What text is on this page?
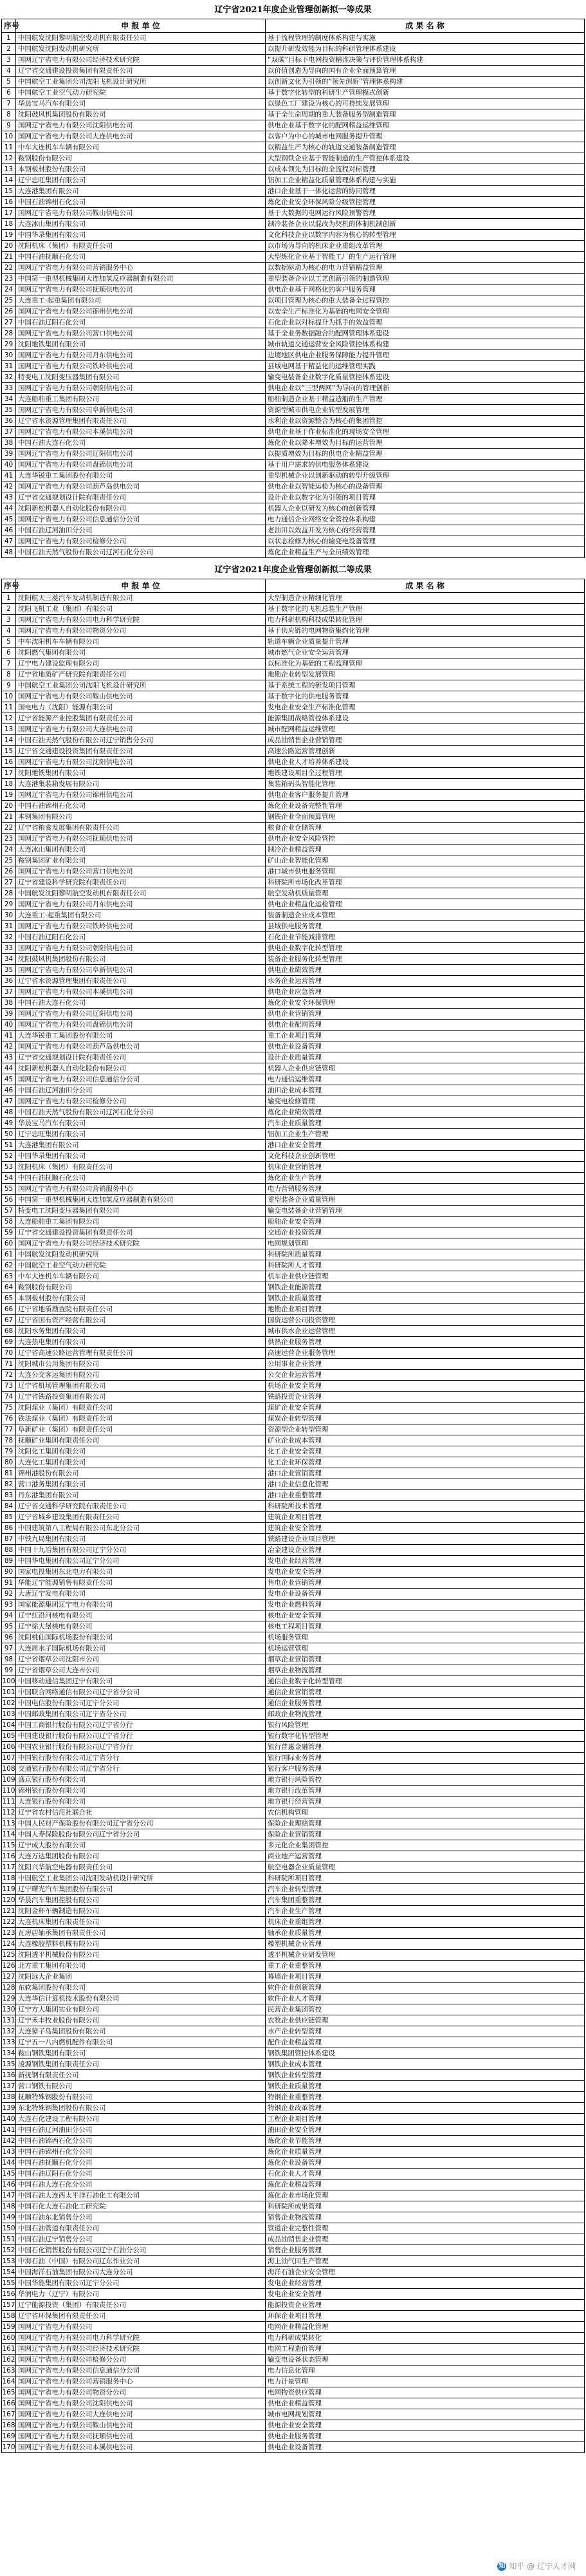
辽宁省2021年度企业管理创新拟一等成果
序号	申 报 单 位	成 果 名 称
1	中国航发沈阳黎明航空发动机有限责任公司	基于流程管理的制度体系构建与实施
2	中国航发沈阳发动机研究所	以提升研发效能为目标的科研管理体系建设
3	国网辽宁省电力有限公司经济技术研究院	“双碳”目标下电网投资精准决策与评价管理体系构建
4	辽宁省交通建设投资集团有限责任公司	以价值创造为导向的国有企业全面预算管理
5	中国航空工业集团公司沈阳飞机设计研究所	以创新文化为引领的“领先创新”管理体系构建
6	中国航空工业空气动力研究院	基于数字化转型的科研生产管理模式创新
7	华晨宝马汽车有限公司	以绿色工厂建设为核心的可持续发展管理
8	沈阳鼓风机集团股份有限公司	基于全生命周期的重大装备服务型制造管理
9	国网辽宁省电力有限公司沈阳供电公司	供电企业基于数字化的配网精益运维管理
10	国网辽宁省电力有限公司大连供电公司	以客户为中心的城市电网服务提升管理
11	中车大连机车车辆有限公司	以精益生产为核心的轨道交通装备制造管理
12	鞍钢股份有限公司	大型钢铁企业基于智能制造的生产管控体系建设
13	本钢板材股份有限公司	以成本领先为目标的全流程对标管理
14	辽宁忠旺集团有限公司	铝加工企业精益化质量管理体系构建与实施
15	大连港集团有限公司	港口企业基于一体化运营的协同管理
16	中国石油锦州石化公司	炼化企业安全环保风险分级管控管理
17	国网辽宁省电力有限公司鞍山供电公司	基于大数据的电网运行风险预警管理
18	大连冰山集团有限公司	制冷装备企业以混改为契机的体制机制创新
19	中国华录集团有限公司	文化科技企业以数字内容为核心的转型管理
20	沈阳机床（集团）有限责任公司	以市场为导向的机床企业重组改革管理
21	中国石油抚顺石化公司	大型炼化企业基于智能工厂的生产运行管理
22	国网辽宁省电力有限公司营销服务中心	以数据驱动为核心的电力营销精益管理
23	中国第一重型机械集团大连加氢反应器制造有限公司	重型装备企业以工艺创新引领的制造管理
24	国网辽宁省电力有限公司抚顺供电公司	供电企业基于网格化的客户服务管理
25	大连重工·起重集团有限公司	以项目管理为核心的重大装备全过程管控
26	国网辽宁省电力有限公司锦州供电公司	以安全生产标准化为基础的电网安全管理
27	中国石油辽阳石化公司	石化企业以对标提升为抓手的效益管理
28	国网辽宁省电力有限公司营口供电公司	基于全业务数据融合的配网管理体系建设
29	沈阳地铁集团有限公司	城市轨道交通运营安全风险管控体系构建
30	国网辽宁省电力有限公司丹东供电公司	边境地区供电企业服务保障能力提升管理
31	国网辽宁省电力有限公司铁岭供电公司	县域电网基于精益化的运维管理实践
32	特变电工沈阳变压器集团有限公司	输变电装备企业数字化质量管控体系建设
33	国网辽宁省电力有限公司朝阳供电公司	供电企业以“三型两网”为导向的管理创新
34	大连船舶重工集团有限公司	船舶制造企业基于精益造船的生产管理
35	国网辽宁省电力有限公司阜新供电公司	资源型城市供电企业转型发展管理
36	辽宁省水资源管理集团有限责任公司	水利企业以资源整合为核心的集团管控
37	国网辽宁省电力有限公司本溪供电公司	供电企业基于作业标准化的现场安全管理
38	中国石油大连石化公司	炼化企业以降本增效为目标的运营管理
39	国网辽宁省电力有限公司辽阳供电公司	以提质增效为目标的供电企业精益管理
40	国网辽宁省电力有限公司盘锦供电公司	基于用户需求的供电服务体系建设
41	大连华锐重工集团股份有限公司	重型机械企业以创新驱动的转型升级管理
42	国网辽宁省电力有限公司葫芦岛供电公司	供电企业以智能运检为核心的设备管理
43	辽宁省交通规划设计院有限责任公司	设计企业以数字化为引领的项目管理
44	沈阳新松机器人自动化股份有限公司	机器人企业以研发为核心的创新管理
45	国网辽宁省电力有限公司信息通信分公司	电力通信企业网络安全管控体系构建
46	中国石油辽河油田分公司	老油田以效益开发为核心的经营管理
47	国网辽宁省电力有限公司检修分公司	以状态检修为核心的输变电设备管理
48	中国石油天然气股份有限公司辽河石化分公司	炼化企业精益生产与全员绩效管理
辽宁省2021年度企业管理创新拟二等成果
序号	申 报 单 位	成 果 名 称
1	沈阳航天三菱汽车发动机制造有限公司	大型制造企业精细化管理
2	沈阳飞机工业（集团）有限公司	基于数字化的飞机总装生产管理
3	国网辽宁省电力有限公司电力科学研究院	电力科研机构科技成果转化管理
4	国网辽宁省电力有限公司物资分公司	基于供应链的电网物资集约化管理
5	中车沈阳机车车辆有限公司	轨道车辆企业质量提升管理
6	沈阳燃气集团有限公司	城市燃气企业安全运营管理
7	辽宁电力建设监理有限公司	以标准化为基础的工程监理管理
8	辽宁省地质矿产研究院有限责任公司	地勘企业转型发展管理
9	中国航空工业集团公司沈阳飞机设计研究所	基于系统工程的研发项目管理
10	国网辽宁省电力有限公司鞍山供电公司	基于数字化的供电服务管理
11	国电电力（沈阳）能源有限公司	发电企业安全生产标准化管理
12	辽宁省能源产业控股集团有限责任公司	能源集团战略管控体系建设
13	国网辽宁省电力有限公司大连供电公司	城市配网精益运维管理
14	中国石油天然气股份有限公司辽宁销售分公司	成品油销售企业营销管理
15	辽宁省交通建设投资集团有限责任公司	高速公路运营管理创新
16	国网辽宁省电力有限公司沈阳供电公司	供电企业人才培养体系建设
17	沈阳地铁集团有限公司	地铁建设项目全过程管理
18	大连港集装箱发展有限公司	集装箱码头智能化管理
19	国网辽宁省电力有限公司锦州供电公司	供电企业客户服务提升管理
20	中国石油锦州石化公司	炼化企业设备完整性管理
21	本钢集团有限公司	钢铁企业全面预算管理
22	辽宁省粮食发展集团有限责任公司	粮食企业仓储管理
23	国网辽宁省电力有限公司抚顺供电公司	供电企业安全风险管控
24	大连冰山集团有限公司	制冷企业精益管理
25	鞍钢集团矿业有限公司	矿山企业智能化管理
26	国网辽宁省电力有限公司营口供电公司	港口城市供电服务管理
27	辽宁省建设科学研究院有限责任公司	科研院所市场化改革管理
28	中国航发沈阳黎明航空发动机有限责任公司	航空发动机质量管理
29	国网辽宁省电力有限公司丹东供电公司	供电企业精益化运检管理
30	大连重工·起重集团有限公司	装备制造企业成本管理
31	国网辽宁省电力有限公司铁岭供电公司	县域供电服务管理
32	中国石油辽阳石化公司	石化企业节能减排管理
33	国网辽宁省电力有限公司朝阳供电公司	供电企业数字化转型管理
34	沈阳鼓风机集团股份有限公司	装备企业服务化转型管理
35	国网辽宁省电力有限公司阜新供电公司	供电企业绩效管理
36	辽宁省水资源管理集团有限责任公司	水务企业运营管理
37	国网辽宁省电力有限公司本溪供电公司	供电企业应急管理
38	中国石油大连石化公司	炼化企业安全环保管理
39	国网辽宁省电力有限公司辽阳供电公司	供电企业营销管理
40	国网辽宁省电力有限公司盘锦供电公司	供电企业配网管理
41	大连华锐重工集团股份有限公司	重工企业项目管理
42	国网辽宁省电力有限公司葫芦岛供电公司	供电企业设备管理
43	辽宁省交通规划设计院有限责任公司	设计企业质量管理
44	沈阳新松机器人自动化股份有限公司	机器人企业供应链管理
45	国网辽宁省电力有限公司信息通信分公司	电力通信运维管理
46	中国石油辽河油田分公司	油田企业成本管理
47	国网辽宁省电力有限公司检修分公司	输变电检修管理
48	中国石油天然气股份有限公司辽河石化分公司	炼化企业绩效管理
49	华晨宝马汽车有限公司	汽车企业质量管理
50	辽宁忠旺集团有限公司	铝加工企业生产管理
51	大连港集团有限公司	港口企业安全管理
52	中国华录集团有限公司	文化科技企业创新管理
53	沈阳机床（集团）有限责任公司	机床企业营销管理
54	中国石油抚顺石化公司	炼化企业生产管理
55	国网辽宁省电力有限公司营销服务中心	电力营销服务管理
56	中国第一重型机械集团大连加氢反应器制造有限公司	重型装备企业质量管理
57	特变电工沈阳变压器集团有限公司	输变电装备企业营销管理
58	大连船舶重工集团有限公司	船舶企业安全管理
59	辽宁省交通建设投资集团有限责任公司	交通企业投资管理
60	国网辽宁省电力有限公司经济技术研究院	电网规划管理
61	中国航发沈阳发动机研究所	科研院所质量管理
62	中国航空工业空气动力研究院	科研院所人才管理
63	中车大连机车车辆有限公司	机车企业供应链管理
64	鞍钢股份有限公司	钢铁企业能源管理
65	本钢板材股份有限公司	钢铁企业质量管理
66	辽宁省地质勘查院有限责任公司	地勘企业项目管理
67	辽宁省国有资产经营有限公司	国资运营公司投资管理
68	沈阳水务集团有限公司	城市供水企业运营管理
69	大连热电集团有限公司	供热企业服务管理
70	辽宁省高速公路运营管理有限责任公司	高速运营企业服务管理
71	沈阳城市公用集团有限公司	公用事业企业管理
72	大连公交客运集团有限公司	公交企业运营管理
73	辽宁省机场管理集团有限公司	机场企业安全管理
74	辽宁省铁路投资集团有限公司	铁路投资企业管理
75	沈阳煤业（集团）有限责任公司	煤矿企业安全管理
76	铁法煤业（集团）有限责任公司	煤炭企业转型管理
77	阜新矿业（集团）有限责任公司	资源型企业转型管理
78	抚顺矿业集团有限责任公司	矿业企业成本管理
79	沈阳化工集团有限公司	化工企业安全管理
80	大连化工集团有限公司	化工企业环保管理
81	锦州港股份有限公司	港口企业营销管理
82	营口港务集团有限公司	港口企业信息化管理
83	丹东港集团有限公司	港口企业重整管理
84	辽宁省交通科学研究院有限责任公司	科研院所技术管理
85	辽宁省城乡建设集团有限责任公司	建筑企业项目管理
86	中国建筑第八工程局有限公司东北分公司	建筑企业安全管理
87	中铁九局集团有限公司	铁路建设企业项目管理
88	中国十九冶集团有限公司辽宁分公司	冶金建设企业管理
89	中国华电集团有限公司辽宁分公司	发电企业经营管理
90	国家电投集团东北电力有限公司	发电企业安全管理
91	华能辽宁能源销售有限责任公司	售电企业营销管理
92	大唐辽宁发电有限公司	发电企业设备管理
93	国家能源集团辽宁电力有限公司	发电企业燃料管理
94	辽宁红沿河核电有限公司	核电企业安全管理
95	辽宁徐大堡核电有限公司	核电工程项目管理
96	沈阳桃仙国际机场股份有限公司	机场服务管理
97	大连周水子国际机场有限公司	机场运营管理
98	辽宁省烟草公司沈阳市公司	烟草企业营销管理
99	辽宁省烟草公司大连市公司	烟草企业物流管理
100	中国移动通信集团辽宁有限公司	通信企业数字化转型管理
101	中国联合网络通信有限公司辽宁省分公司	通信企业营销管理
102	中国电信股份有限公司辽宁分公司	通信企业服务管理
103	中国邮政集团有限公司辽宁省分公司	邮政企业物流管理
104	中国工商银行股份有限公司辽宁省分行	银行风险管理
105	中国建设银行股份有限公司辽宁省分行	银行数字化转型管理
106	中国农业银行股份有限公司辽宁省分行	银行普惠金融管理
107	中国银行股份有限公司辽宁省分行	银行国际业务管理
108	交通银行股份有限公司辽宁省分行	银行客户服务管理
109	盛京银行股份有限公司	地方银行风险管控
110	锦州银行股份有限公司	地方银行改革管理
111	大连银行股份有限公司	地方银行经营管理
112	辽宁省农村信用社联合社	农信机构管理
113	中国人民财产保险股份有限公司辽宁省分公司	保险企业理赔管理
114	中国人寿保险股份有限公司辽宁省分公司	保险企业营销管理
115	辽宁成大股份有限公司	多元化企业集团管控
116	大连万达集团股份有限公司	商业地产运营管理
117	沈阳兴华航空电器有限责任公司	航空电器企业质量管理
118	中国航空工业集团公司沈阳发动机设计研究所	科研院所项目管理
119	辽宁曙光汽车集团股份有限公司	汽车企业转型管理
120	华晨汽车集团控股有限公司	汽车集团重整管理
121	沈阳金杯车辆制造有限公司	汽车企业生产管理
122	大连机床集团有限责任公司	机床企业重组管理
123	瓦房店轴承集团有限责任公司	轴承企业质量管理
124	大连橡胶塑料机械有限公司	橡塑机械企业管理
125	沈阳透平机械股份有限公司	透平机械企业研发管理
126	北方重工集团有限公司	重工企业重整管理
127	沈阳远大企业集团	幕墙企业项目管理
128	东软集团股份有限公司	软件企业创新管理
129	大连华信计算机技术股份有限公司	软件企业人才管理
130	辽宁方大集团实业有限公司	民营企业集团管控
131	辽宁禾丰牧业股份有限公司	农牧企业供应链管理
132	大连獐子岛集团股份有限公司	水产企业转型管理
133	辽宁五一八内燃机配件有限公司	配件企业精益管理
134	鞍山钢铁集团有限公司	钢铁集团管控体系建设
135	凌源钢铁集团有限责任公司	钢铁企业成本管理
136	新抚钢有限责任公司	钢铁企业转型管理
137	营口钢铁有限公司	钢铁企业质量管理
138	抚顺特殊钢股份有限公司	特钢企业重整管理
139	东北特殊钢集团股份有限公司	特钢企业改革管理
140	大连石化建设工程有限公司	工程企业项目管理
141	中国石油辽河油田分公司	油田企业安全管理
142	中国石油锦西石化分公司	炼化企业节能管理
143	中国石油锦州石化分公司	炼化企业质量管理
144	中国石油抚顺石化分公司	炼化企业设备管理
145	中国石油辽阳石化分公司	石化企业人才管理
146	中国石油大连石化分公司	炼化企业精益管理
147	中国石油大连西太平洋石油化工有限公司	炼化企业市场化管理
148	中国石化大连石油化工研究院	科研院所成果管理
149	中国石油东北销售分公司	销售企业物流管理
150	中国石油管道有限责任公司	管道企业完整性管理
151	中国石油辽宁销售分公司	成品油销售企业管理
152	中国石化销售股份有限公司辽宁石油分公司	销售企业服务管理
153	中海石油（中国）有限公司辽东作业公司	海上油气田生产管理
154	中国海洋石油集团有限公司大连分公司	海洋石油企业安全管理
155	中国华能集团有限公司辽宁分公司	发电企业经营管理
156	华润电力（辽宁）有限公司	发电企业安全管理
157	辽宁能源投资（集团）有限责任公司	能源投资企业管理
158	辽宁省环保集团有限责任公司	环保企业项目管理
159	国网辽宁省电力有限公司	电网企业精益化管理
160	国网辽宁省电力有限公司电力科学研究院	电力科研成果转化
161	国网辽宁省电力有限公司经济技术研究院	电网工程造价管理
162	国网辽宁省电力有限公司检修分公司	输变电设备状态管理
163	国网辽宁省电力有限公司信息通信分公司	电力信息化管理
164	国网辽宁省电力有限公司营销服务中心	电力计量管理
165	国网辽宁省电力有限公司物资分公司	电网物资供应管理
166	国网辽宁省电力有限公司沈阳供电公司	供电企业精益管理
167	国网辽宁省电力有限公司大连供电公司	城市电网规划管理
168	国网辽宁省电力有限公司鞍山供电公司	供电企业安全管理
169	国网辽宁省电力有限公司抚顺供电公司	供电企业服务管理
170	国网辽宁省电力有限公司本溪供电公司	供电企业设备管理
知 知乎 @ 辽宁人才网
